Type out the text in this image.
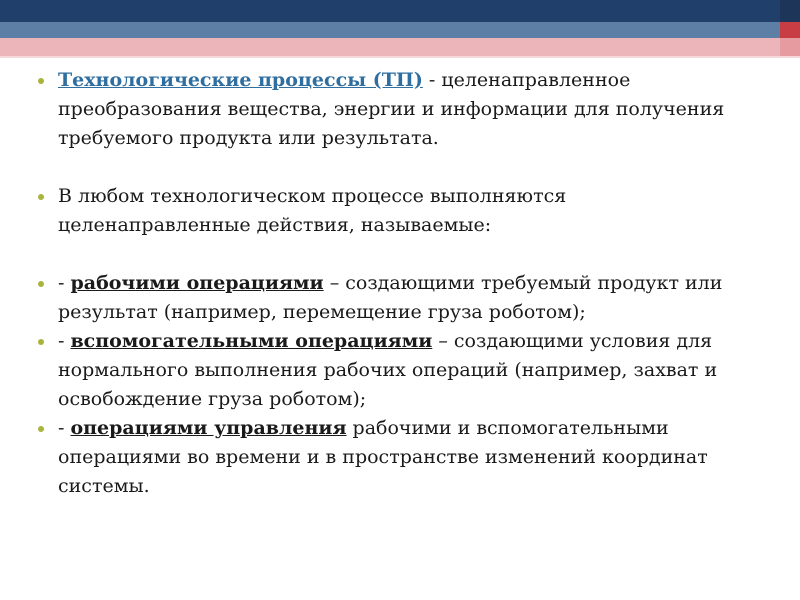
Технологические процессы (ТП) - целенаправленное преобразования вещества, энергии и информации для получения требуемого продукта или результата.
В любом технологическом процессе выполняются целенаправленные действия, называемые:
- рабочими операциями – создающими требуемый продукт или результат (например, перемещение груза роботом);
- вспомогательными операциями – создающими условия для нормального выполнения рабочих операций (например, захват и освобождение груза роботом);
- операциями управления рабочими и вспомогательными операциями во времени и в пространстве изменений координат системы.
